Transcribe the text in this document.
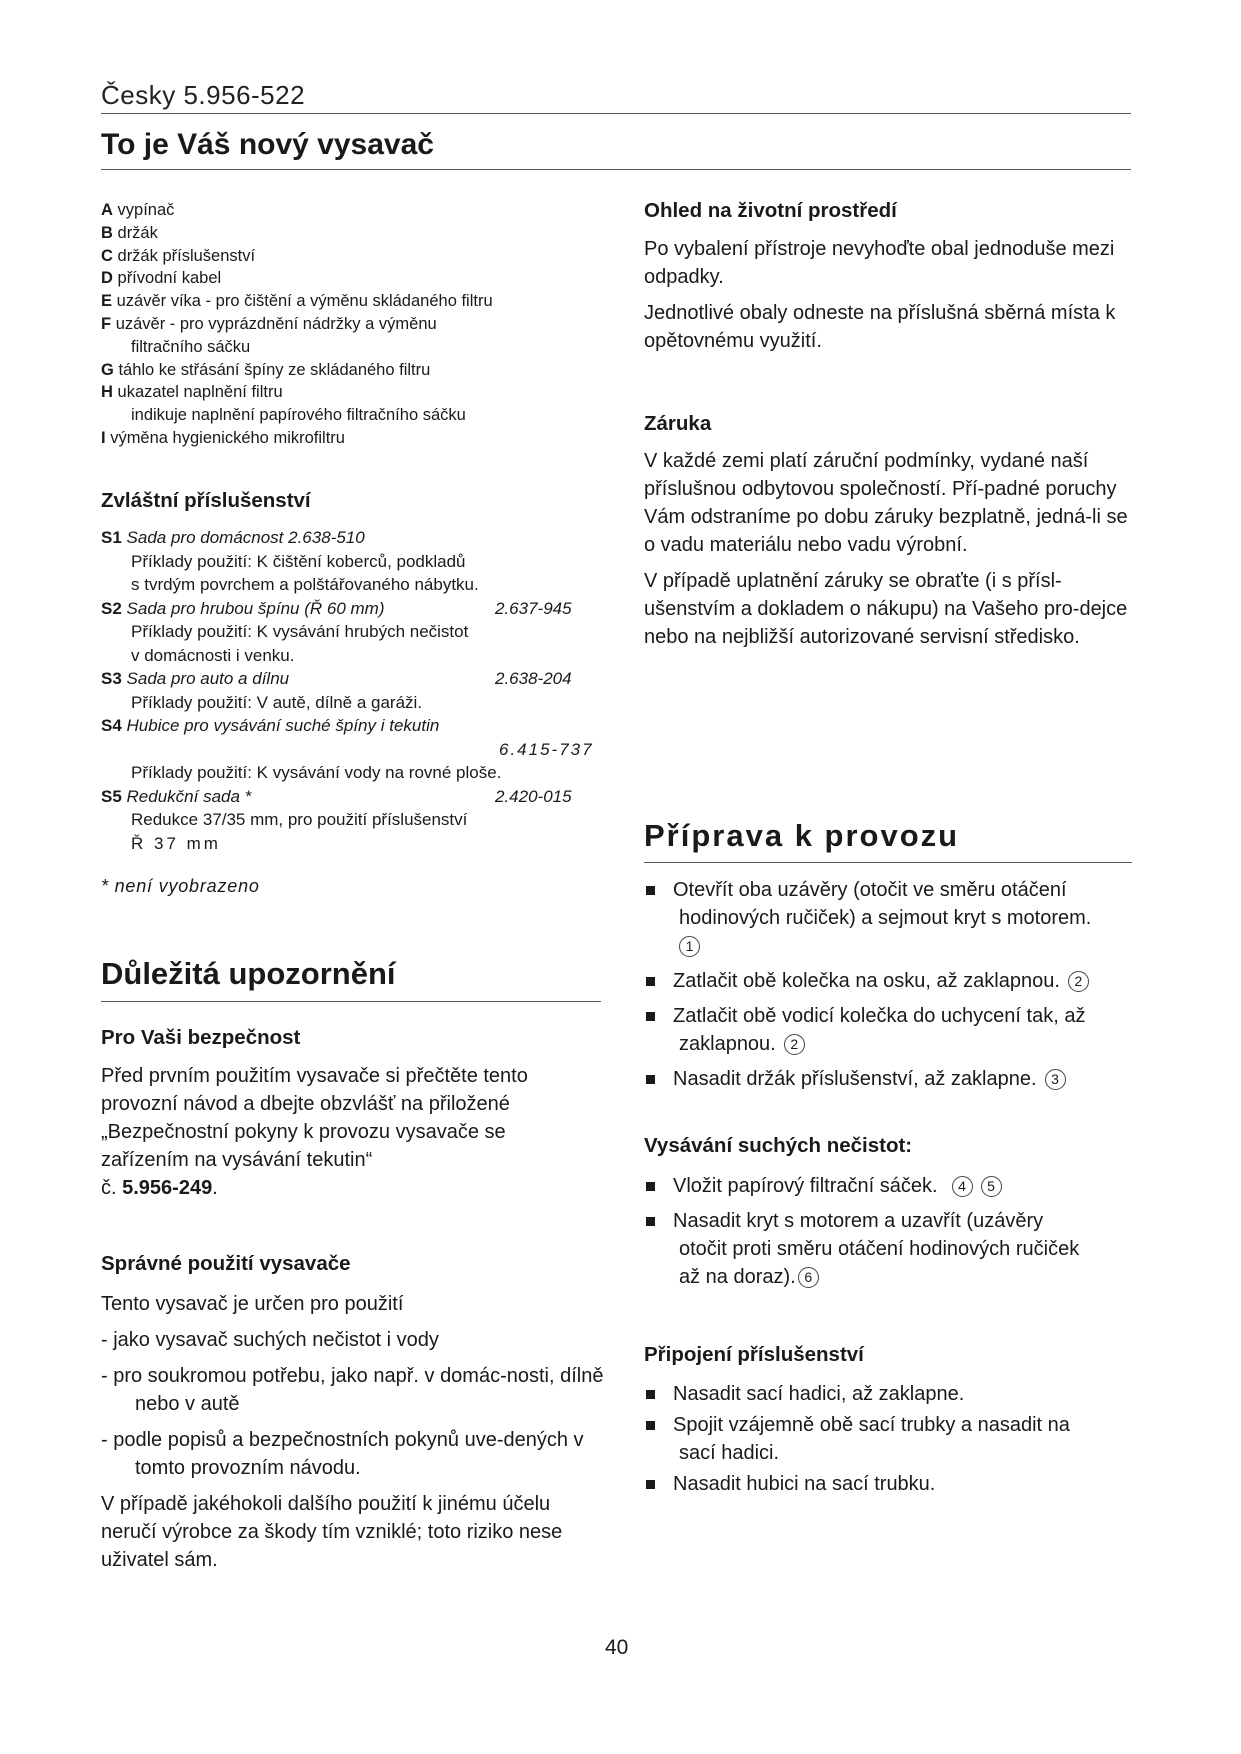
Česky 5.956-522
To je Váš nový vysavač
A vypínač
B držák
C držák příslušenství
D přívodní kabel
E uzávěr víka - pro čištění a výměnu skládaného filtru
F uzávěr - pro vyprázdnění nádržky a výměnu
filtračního sáčku
G táhlo ke střásání špíny ze skládaného filtru
H ukazatel naplnění filtru
indikuje naplnění papírového filtračního sáčku
I výměna hygienického mikrofiltru
Zvláštní příslušenství
S1 Sada pro domácnost 2.638-510
Příklady použití: K čištění koberců, podkladů
s tvrdým povrchem a polštářovaného nábytku.
S2 Sada pro hrubou špínu (Ř 60 mm)	2.637-945
Příklady použití: K vysávání hrubých nečistot
v domácnosti i venku.
S3 Sada pro auto a dílnu	2.638-204
Příklady použití: V autě, dílně a garáži.
S4 Hubice pro vysávání suché špíny i tekutin
6.415-737
Příklady použití: K vysávání vody na rovné ploše.
S5 Redukční sada *	2.420-015
Redukce 37/35 mm, pro použití příslušenství
Ř 37 mm
* není vyobrazeno
Důležitá upozornění
Pro Vaši bezpečnost
Před prvním použitím vysavače si přečtěte tento
provozní návod a dbejte obzvlášť na přiložené
„Bezpečnostní pokyny k provozu vysavače se
zařízením na vysávání tekutin“
č. 5.956-249.
Správné použití vysavače

Tento vysavač je určen pro použití

- jako vysavač suchých nečistot i vody

- pro soukromou potřebu, jako např. v domác-nosti, dílně nebo v autě

- podle popisů a bezpečnostních pokynů uve-dených v tomto provozním návodu.

V případě jakéhokoli dalšího použití k jinému účelu neručí výrobce za škody tím vzniklé; toto riziko nese uživatel sám.

Ohled na životní prostředí

Po vybalení přístroje nevyhoďte obal jednoduše mezi odpadky.

Jednotlivé obaly odneste na příslušná sběrná místa k opětovnému využití.

Záruka

V každé zemi platí záruční podmínky, vydané naší příslušnou odbytovou společností. Pří-padné poruchy Vám odstraníme po dobu záruky bezplatně, jedná-li se o vadu materiálu nebo vadu výrobní.

V případě uplatnění záruky se obraťte (i s přísl-ušenstvím a dokladem o nákupu) na Vašeho pro-dejce nebo na nejbližší autorizované servisní středisko.

Příprava k provozu
Otevřít oba uzávěry (otočit ve směru otáčení
hodinových ručiček) a sejmout kryt s motorem.
1
Zatlačit obě kolečka na osku, až zaklapnou. 2
Zatlačit obě vodicí kolečka do uchycení tak, až
zaklapnou. 2
Nasadit držák příslušenství, až zaklapne. 3
Vysávání suchých nečistot:
Vložit papírový filtrační sáček. 4 5
Nasadit kryt s motorem a uzavřít (uzávěry
otočit proti směru otáčení hodinových ručiček
až na doraz). 6
Připojení příslušenství
Nasadit sací hadici, až zaklapne.
Spojit vzájemně obě sací trubky a nasadit na
sací hadici.
Nasadit hubici na sací trubku.
40
